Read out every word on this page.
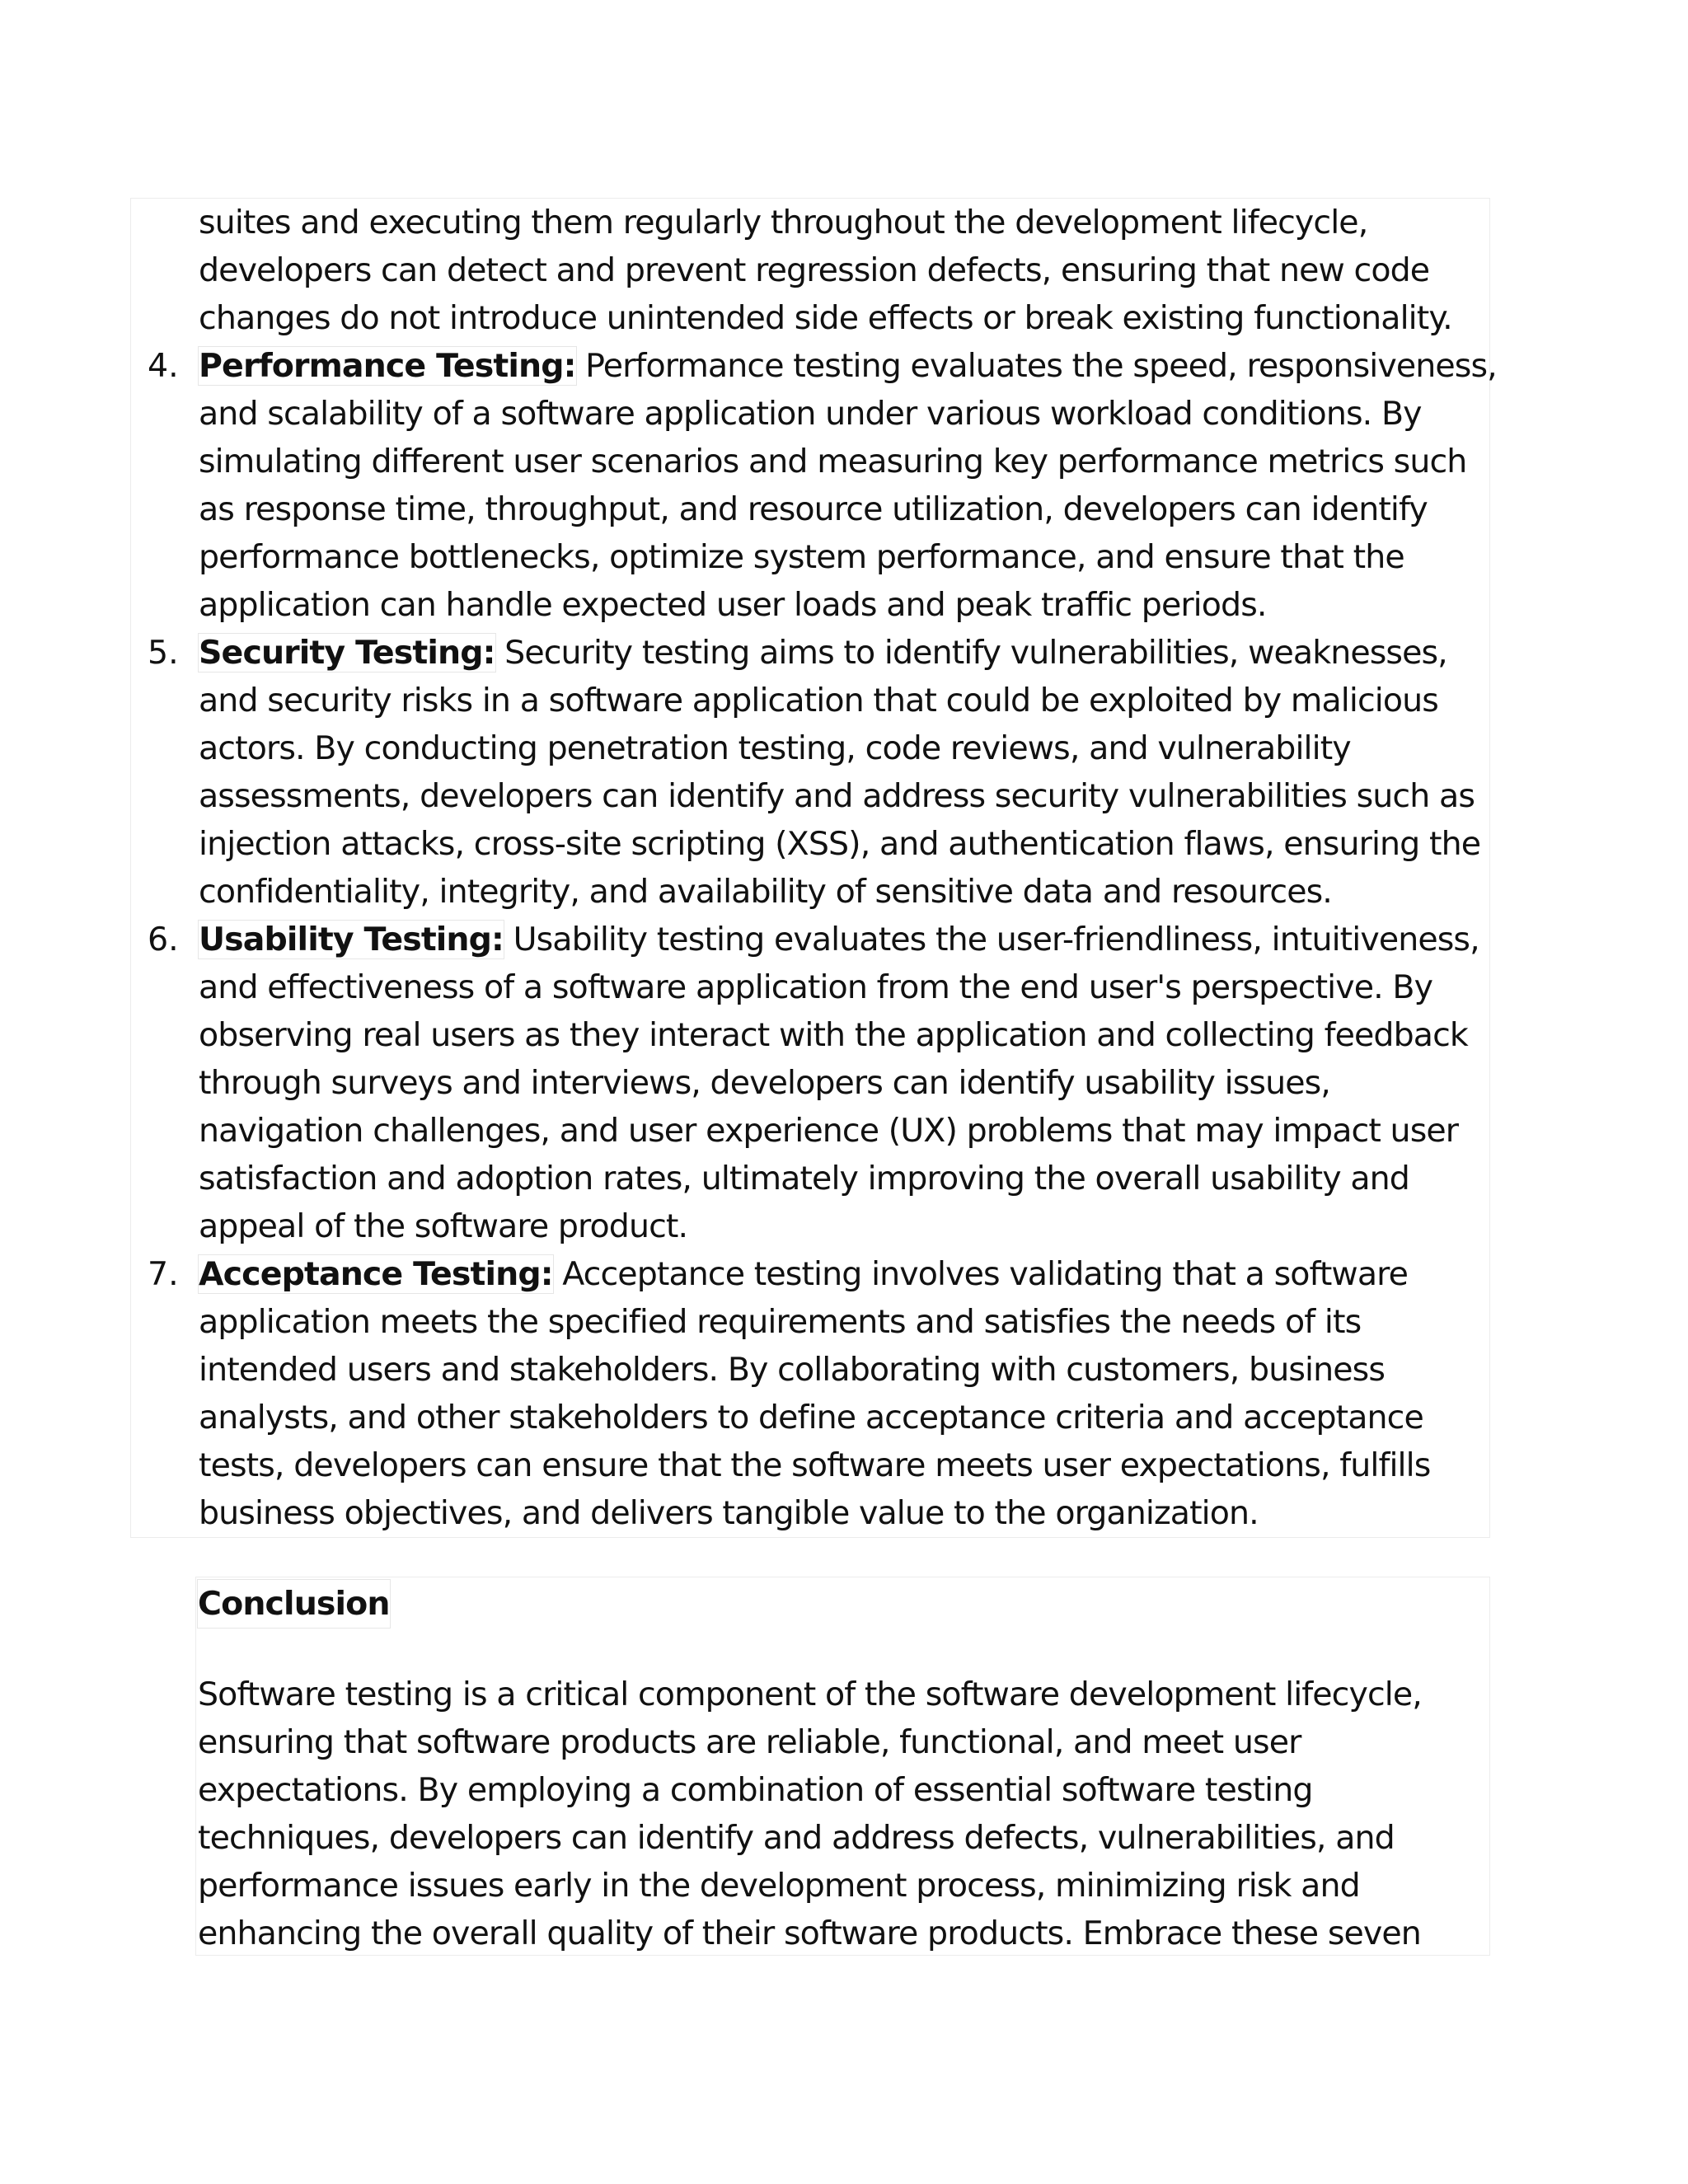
suites and executing them regularly throughout the development lifecycle,
developers can detect and prevent regression defects, ensuring that new code
changes do not introduce unintended side effects or break existing functionality.
4. Performance Testing: Performance testing evaluates the speed, responsiveness,
and scalability of a software application under various workload conditions. By
simulating different user scenarios and measuring key performance metrics such
as response time, throughput, and resource utilization, developers can identify
performance bottlenecks, optimize system performance, and ensure that the
application can handle expected user loads and peak traffic periods.
5. Security Testing: Security testing aims to identify vulnerabilities, weaknesses,
and security risks in a software application that could be exploited by malicious
actors. By conducting penetration testing, code reviews, and vulnerability
assessments, developers can identify and address security vulnerabilities such as
injection attacks, cross-site scripting (XSS), and authentication flaws, ensuring the
confidentiality, integrity, and availability of sensitive data and resources.
6. Usability Testing: Usability testing evaluates the user-friendliness, intuitiveness,
and effectiveness of a software application from the end user's perspective. By
observing real users as they interact with the application and collecting feedback
through surveys and interviews, developers can identify usability issues,
navigation challenges, and user experience (UX) problems that may impact user
satisfaction and adoption rates, ultimately improving the overall usability and
appeal of the software product.
7. Acceptance Testing: Acceptance testing involves validating that a software
application meets the specified requirements and satisfies the needs of its
intended users and stakeholders. By collaborating with customers, business
analysts, and other stakeholders to define acceptance criteria and acceptance
tests, developers can ensure that the software meets user expectations, fulfills
business objectives, and delivers tangible value to the organization.
Conclusion
Software testing is a critical component of the software development lifecycle,
ensuring that software products are reliable, functional, and meet user
expectations. By employing a combination of essential software testing
techniques, developers can identify and address defects, vulnerabilities, and
performance issues early in the development process, minimizing risk and
enhancing the overall quality of their software products. Embrace these seven
